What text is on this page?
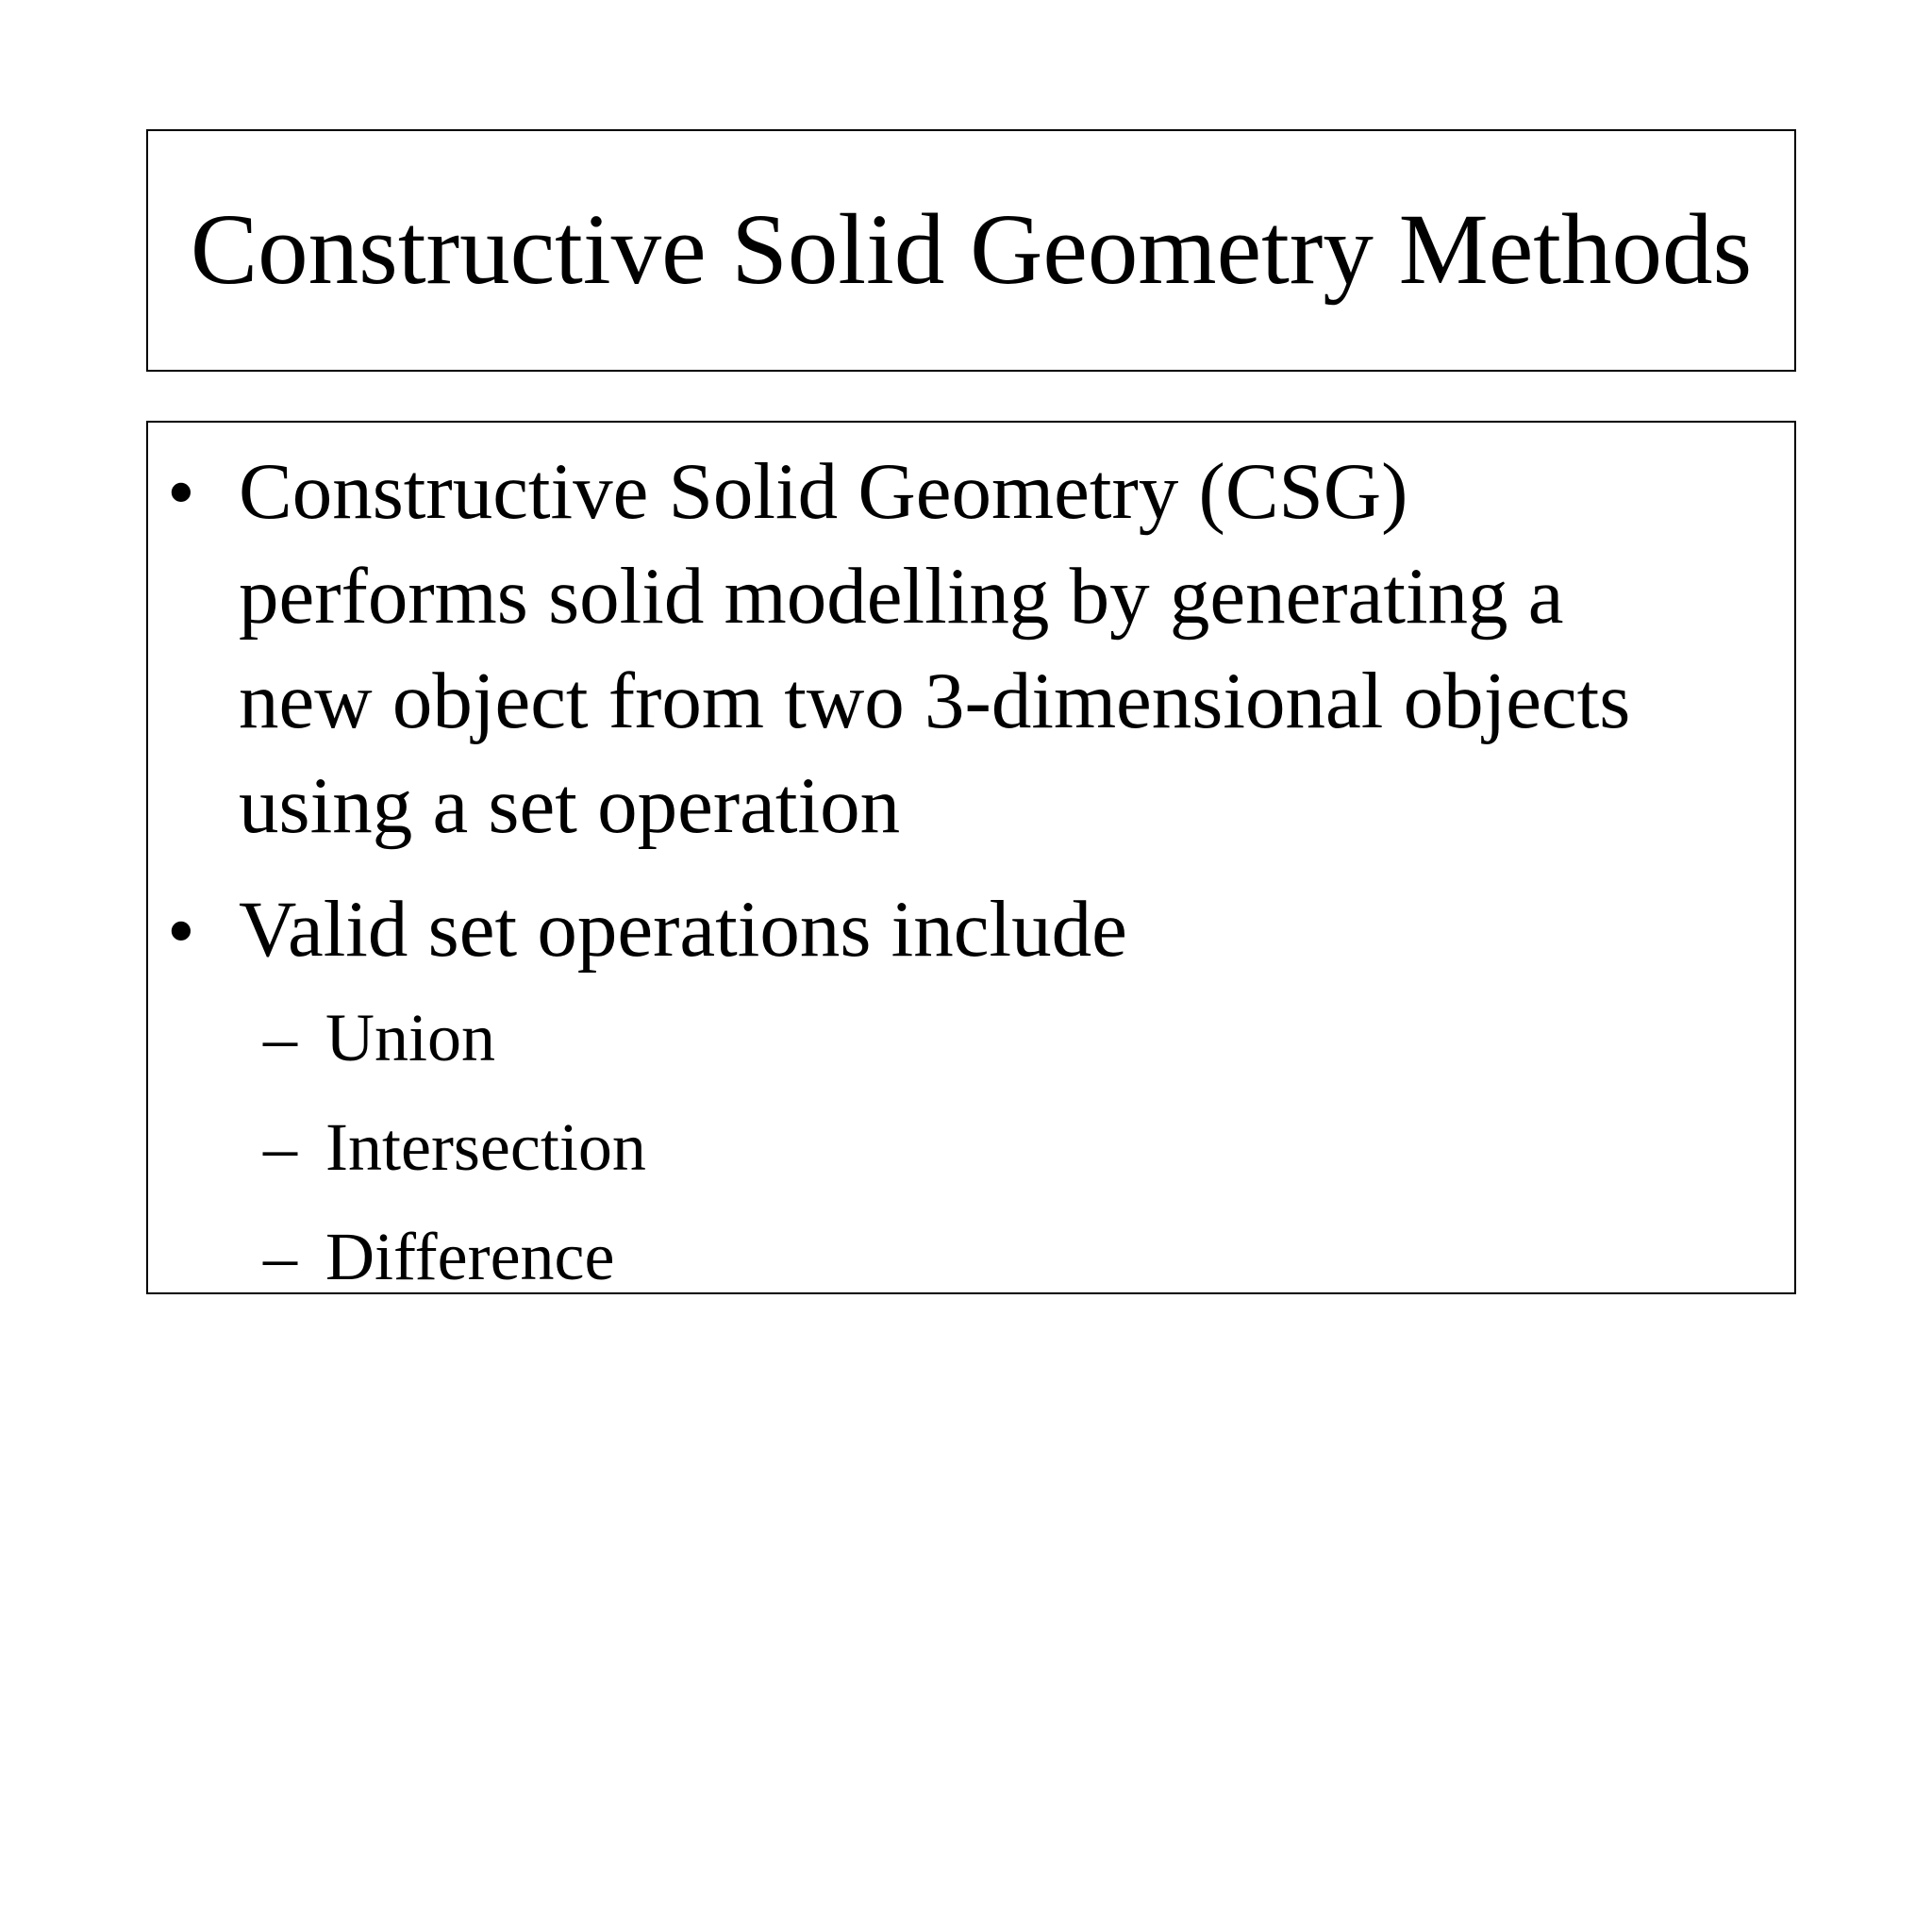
Constructive Solid Geometry Methods
• Constructive Solid Geometry (CSG)
performs solid modelling by generating a
new object from two 3-dimensional objects
using a set operation
• Valid set operations include
– Union
– Intersection
– Difference
